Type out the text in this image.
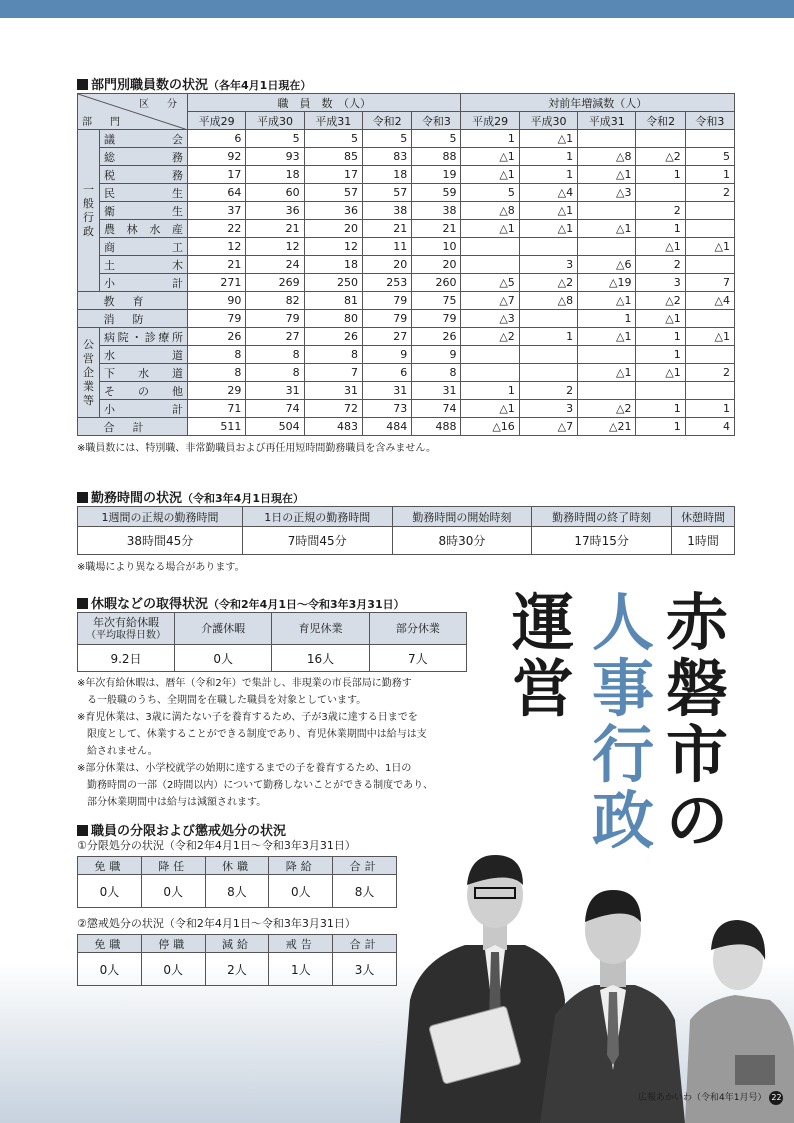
部門別職員数の状況（各年4月1日現在）
区　分
部　門		職　員　数　（人）					対前年増減数（人）				
		平成29	平成30	平成31	令和2	令和3	平成29	平成30	平成31	令和2	令和3

一
般
行
政	議会	6	5	5	5	5	1	△1			
	総務	92	93	85	83	88	△1	1	△8	△2	5
	税務	17	18	17	18	19	△1	1	△1	1	1
	民生	64	60	57	57	59	5	△4	△3		2
	衛生	37	36	36	38	38	△8	△1		2	
	農林水産	22	21	20	21	21	△1	△1	△1	1	
	商工	12	12	12	11	10				△1	△1
	土木	21	24	18	20	20		3	△6	2	
	小計	271	269	250	253	260	△5	△2	△19	3	7
教育		90	82	81	79	75	△7	△8	△1	△2	△4
消防		79	79	80	79	79	△3		1	△1	

公
営
企
業
等	病院・診療所	26	27	26	27	26	△2	1	△1	1	△1
	水道	8	8	8	9	9				1	
	下水道	8	8	7	6	8			△1	△1	2
	その他	29	31	31	31	31	1	2			
	小計	71	74	72	73	74	△1	3	△2	1	1
合計		511	504	483	484	488	△16	△7	△21	1	4
※職員数には、特別職、非常勤職員および再任用短時間勤務職員を含みません。
勤務時間の状況（令和3年4月1日現在）
1週間の正規の勤務時間	1日の正規の勤務時間	勤務時間の開始時刻	勤務時間の終了時刻	休憩時間
38時間45分	7時間45分	8時30分	17時15分	1時間
※職場により異なる場合があります。
休暇などの取得状況（令和2年4月1日～令和3年3月31日）
年次有給休暇
（平均取得日数）	介護休暇	育児休業	部分休業
9.2日	0人	16人	7人
※年次有給休暇は、暦年（令和2年）で集計し、非現業の市長部局に勤務す
　る一般職のうち、全期間を在職した職員を対象としています。
※育児休業は、3歳に満たない子を養育するため、子が3歳に達する日までを
　限度として、休業することができる制度であり、育児休業期間中は給与は支
　給されません。
※部分休業は、小学校就学の始期に達するまでの子を養育するため、1日の
　勤務時間の一部（2時間以内）について勤務しないことができる制度であり、
　部分休業期間中は給与は減額されます。
職員の分限および懲戒処分の状況
①分限処分の状況（令和2年4月1日～令和3年3月31日）
免職	降任	休職	降給	合計
0人	0人	8人	0人	8人
②懲戒処分の状況（令和2年4月1日～令和3年3月31日）
免職	停職	減給	戒告	合計
0人	0人	2人	1人	3人
赤
磐
市
の
人
事
行
政
運
営
広報あかいわ（令和4年1月号） 22
